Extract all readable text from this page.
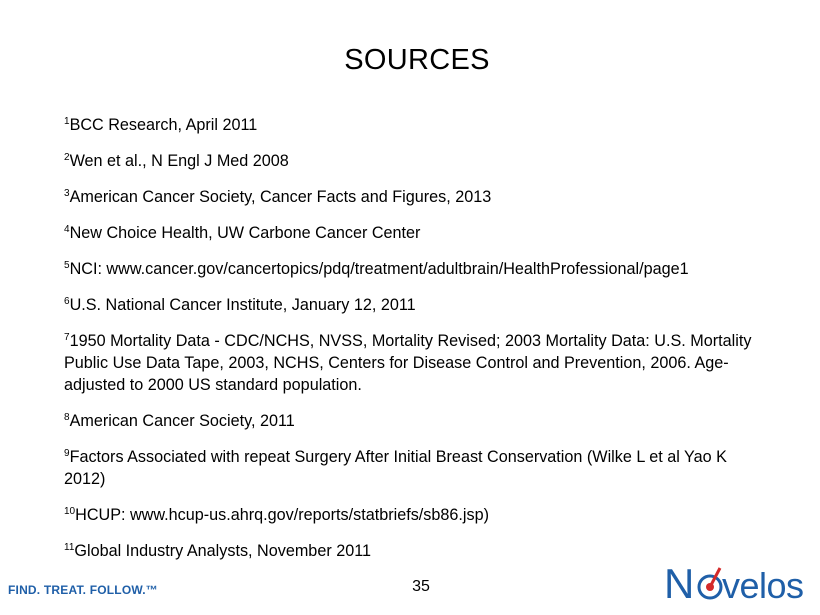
SOURCES
$^1$BCC Research, April 2011
$^2$Wen et al., N Engl J Med 2008
$^3$American Cancer Society, Cancer Facts and Figures, 2013
$^4$New Choice Health, UW Carbone Cancer Center
$^5$NCI: www.cancer.gov/cancertopics/pdq/treatment/adultbrain/HealthProfessional/page1
$^6$U.S. National Cancer Institute, January 12, 2011
$^7$1950 Mortality Data - CDC/NCHS, NVSS, Mortality Revised; 2003 Mortality Data: U.S. Mortality Public Use Data Tape, 2003, NCHS, Centers for Disease Control and Prevention, 2006. Age-adjusted to 2000 US standard population.
$^8$American Cancer Society, 2011
$^9$Factors Associated with repeat Surgery After Initial Breast Conservation (Wilke L et al Yao K 2012)
$^{10}$HCUP: www.hcup-us.ahrq.gov/reports/statbriefs/sb86.jsp)
$^{11}$Global Industry Analysts, November 2011
FIND. TREAT. FOLLOW.™	35	N velos
